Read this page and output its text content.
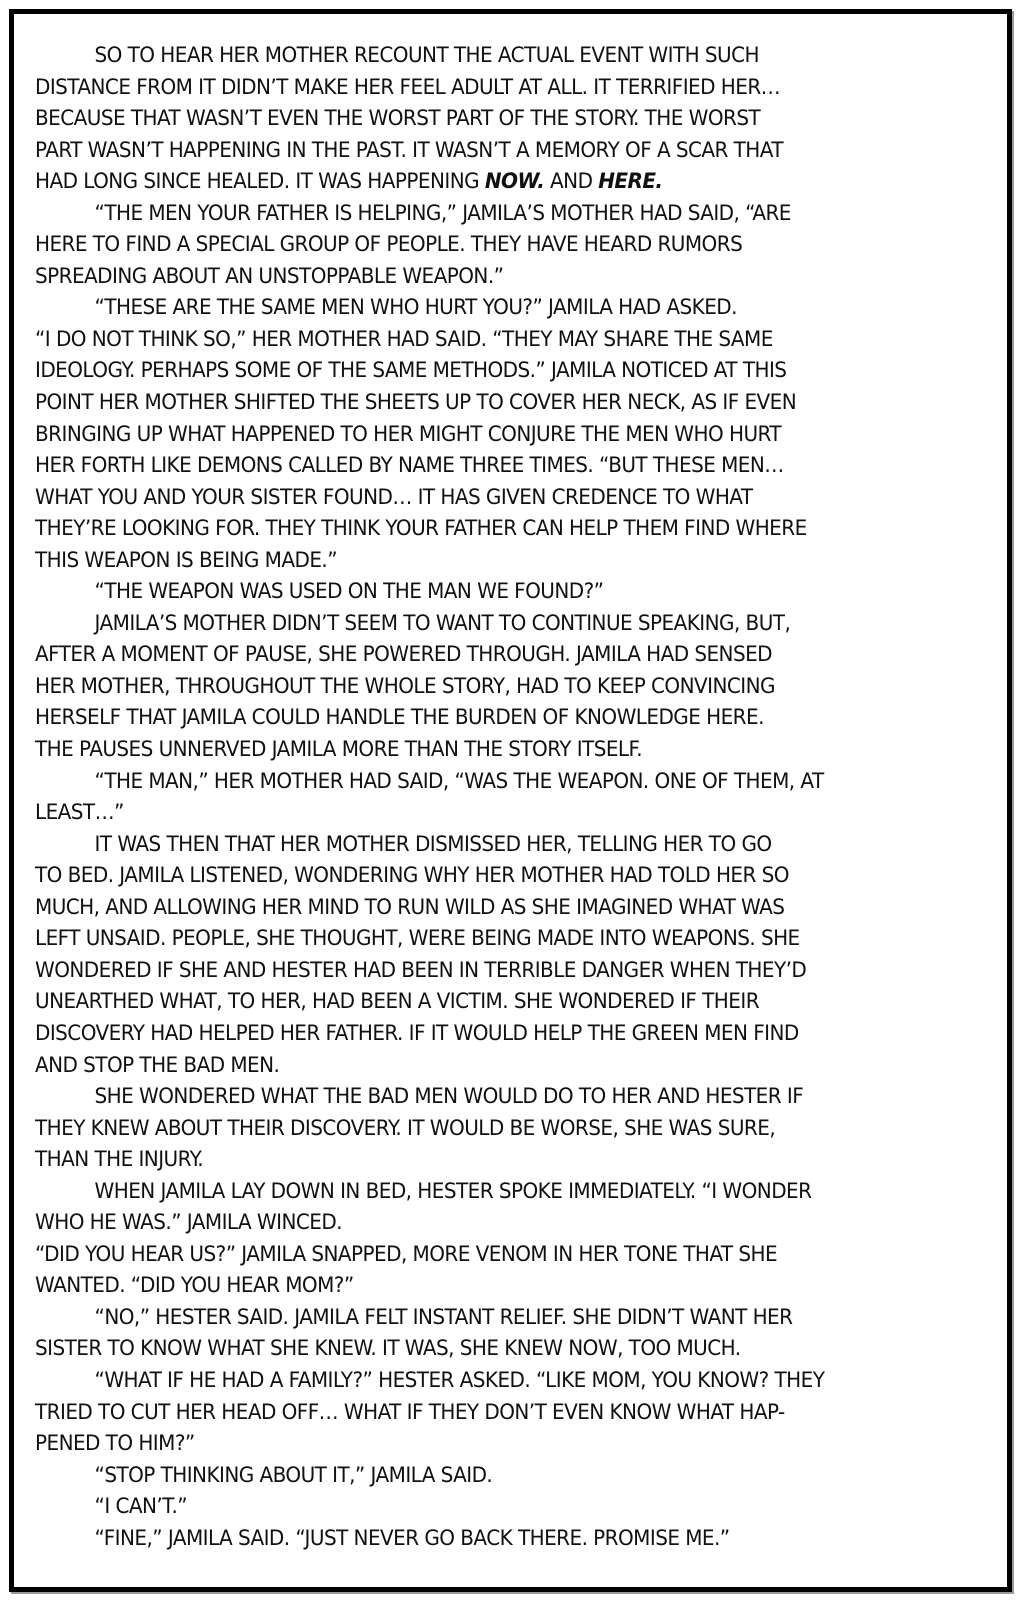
SO TO HEAR HER MOTHER RECOUNT THE ACTUAL EVENT WITH SUCH
DISTANCE FROM IT DIDN’T MAKE HER FEEL ADULT AT ALL. IT TERRIFIED HER…
BECAUSE THAT WASN’T EVEN THE WORST PART OF THE STORY. THE WORST
PART WASN’T HAPPENING IN THE PAST. IT WASN’T A MEMORY OF A SCAR THAT
HAD LONG SINCE HEALED. IT WAS HAPPENING NOW. AND HERE.
“THE MEN YOUR FATHER IS HELPING,” JAMILA’S MOTHER HAD SAID, “ARE
HERE TO FIND A SPECIAL GROUP OF PEOPLE. THEY HAVE HEARD RUMORS
SPREADING ABOUT AN UNSTOPPABLE WEAPON.”
“THESE ARE THE SAME MEN WHO HURT YOU?” JAMILA HAD ASKED.
“I DO NOT THINK SO,” HER MOTHER HAD SAID. “THEY MAY SHARE THE SAME
IDEOLOGY. PERHAPS SOME OF THE SAME METHODS.” JAMILA NOTICED AT THIS
POINT HER MOTHER SHIFTED THE SHEETS UP TO COVER HER NECK, AS IF EVEN
BRINGING UP WHAT HAPPENED TO HER MIGHT CONJURE THE MEN WHO HURT
HER FORTH LIKE DEMONS CALLED BY NAME THREE TIMES. “BUT THESE MEN…
WHAT YOU AND YOUR SISTER FOUND… IT HAS GIVEN CREDENCE TO WHAT
THEY’RE LOOKING FOR. THEY THINK YOUR FATHER CAN HELP THEM FIND WHERE
THIS WEAPON IS BEING MADE.”
“THE WEAPON WAS USED ON THE MAN WE FOUND?”
JAMILA’S MOTHER DIDN’T SEEM TO WANT TO CONTINUE SPEAKING, BUT,
AFTER A MOMENT OF PAUSE, SHE POWERED THROUGH. JAMILA HAD SENSED
HER MOTHER, THROUGHOUT THE WHOLE STORY, HAD TO KEEP CONVINCING
HERSELF THAT JAMILA COULD HANDLE THE BURDEN OF KNOWLEDGE HERE.
THE PAUSES UNNERVED JAMILA MORE THAN THE STORY ITSELF.
“THE MAN,” HER MOTHER HAD SAID, “WAS THE WEAPON. ONE OF THEM, AT
LEAST…”
IT WAS THEN THAT HER MOTHER DISMISSED HER, TELLING HER TO GO
TO BED. JAMILA LISTENED, WONDERING WHY HER MOTHER HAD TOLD HER SO
MUCH, AND ALLOWING HER MIND TO RUN WILD AS SHE IMAGINED WHAT WAS
LEFT UNSAID. PEOPLE, SHE THOUGHT, WERE BEING MADE INTO WEAPONS. SHE
WONDERED IF SHE AND HESTER HAD BEEN IN TERRIBLE DANGER WHEN THEY’D
UNEARTHED WHAT, TO HER, HAD BEEN A VICTIM. SHE WONDERED IF THEIR
DISCOVERY HAD HELPED HER FATHER. IF IT WOULD HELP THE GREEN MEN FIND
AND STOP THE BAD MEN.
SHE WONDERED WHAT THE BAD MEN WOULD DO TO HER AND HESTER IF
THEY KNEW ABOUT THEIR DISCOVERY. IT WOULD BE WORSE, SHE WAS SURE,
THAN THE INJURY.
WHEN JAMILA LAY DOWN IN BED, HESTER SPOKE IMMEDIATELY. “I WONDER
WHO HE WAS.” JAMILA WINCED.
“DID YOU HEAR US?” JAMILA SNAPPED, MORE VENOM IN HER TONE THAT SHE
WANTED. “DID YOU HEAR MOM?”
“NO,” HESTER SAID. JAMILA FELT INSTANT RELIEF. SHE DIDN’T WANT HER
SISTER TO KNOW WHAT SHE KNEW. IT WAS, SHE KNEW NOW, TOO MUCH.
“WHAT IF HE HAD A FAMILY?” HESTER ASKED. “LIKE MOM, YOU KNOW? THEY
TRIED TO CUT HER HEAD OFF… WHAT IF THEY DON’T EVEN KNOW WHAT HAP-
PENED TO HIM?”
“STOP THINKING ABOUT IT,” JAMILA SAID.
“I CAN’T.”
“FINE,” JAMILA SAID. “JUST NEVER GO BACK THERE. PROMISE ME.”
